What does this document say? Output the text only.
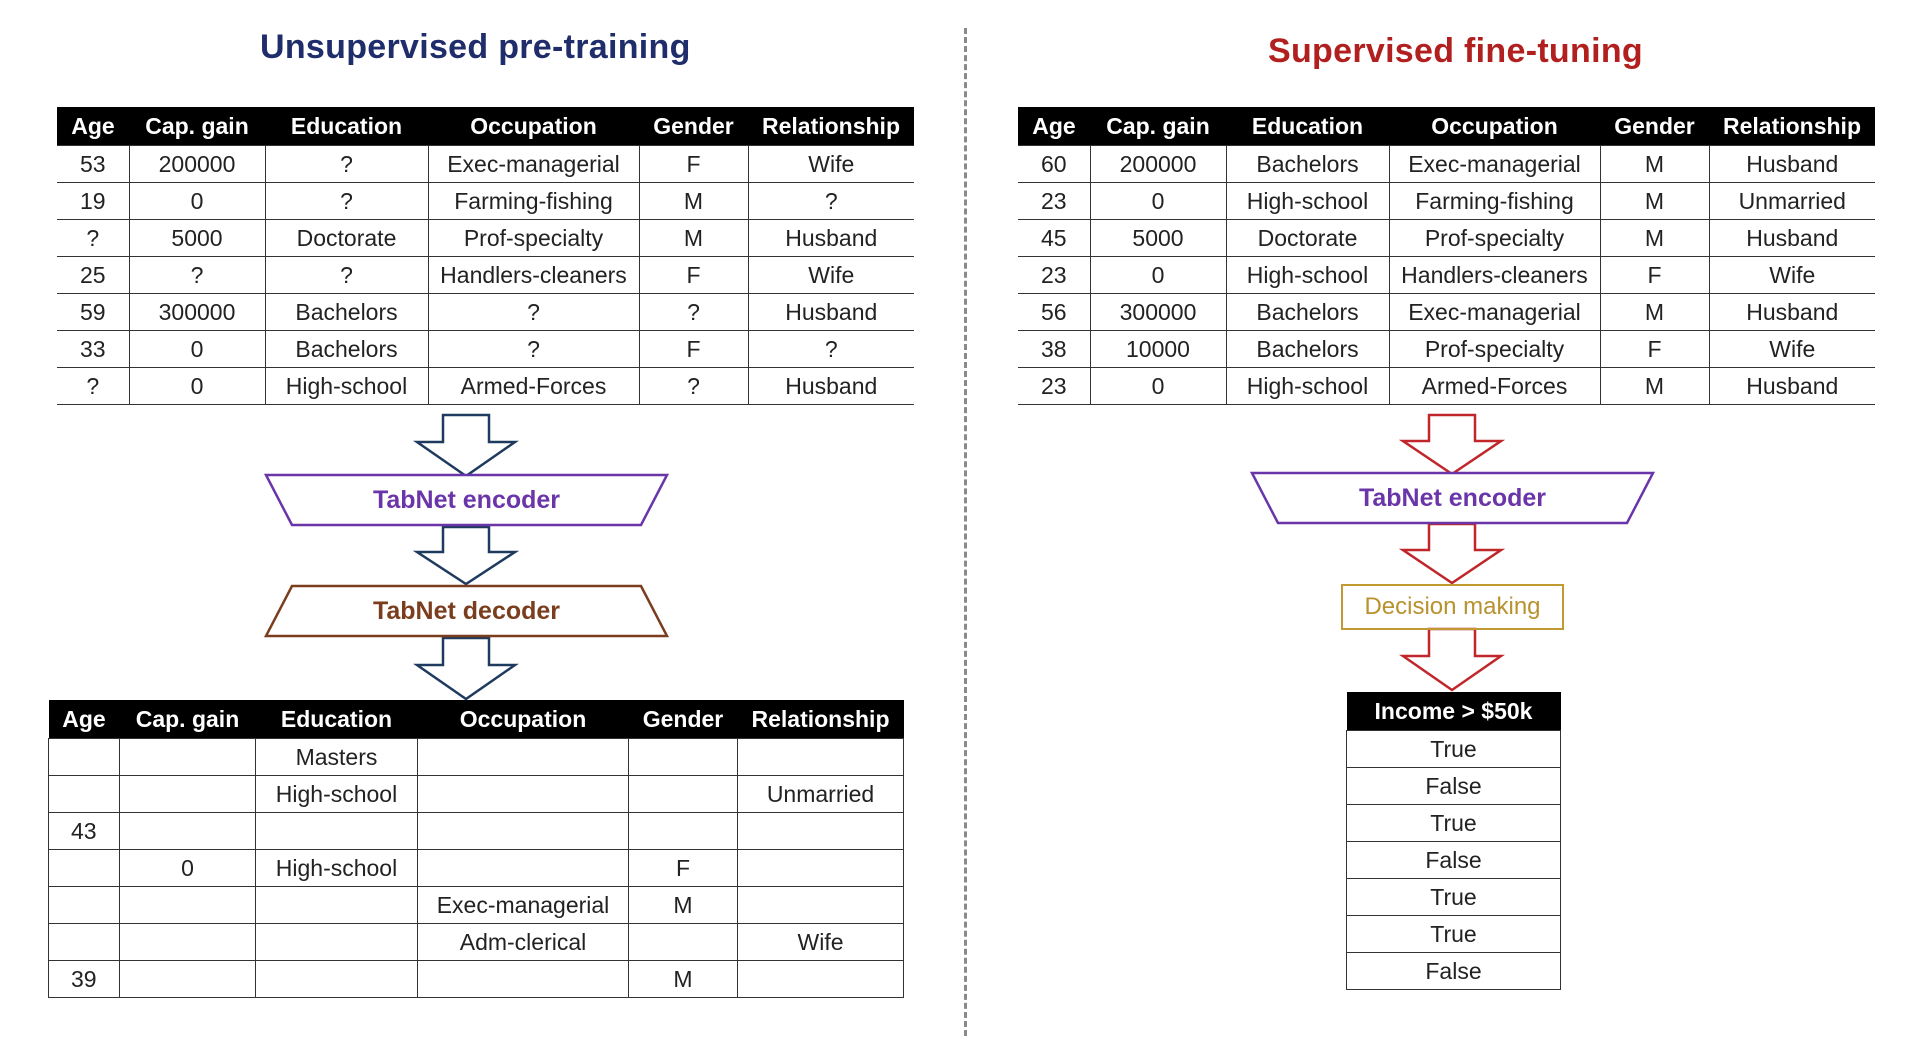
Unsupervised pre-training	Supervised fine-tuning
Age	Cap. gain	Education	Occupation	Gender	Relationship
53	200000	?	Exec-managerial	F	Wife
19	0	?	Farming-fishing	M	?
?	5000	Doctorate	Prof-specialty	M	Husband
25	?	?	Handlers-cleaners	F	Wife
59	300000	Bachelors	?	?	Husband
33	0	Bachelors	?	F	?
?	0	High-school	Armed-Forces	?	Husband
Age	Cap. gain	Education	Occupation	Gender	Relationship
60	200000	Bachelors	Exec-managerial	M	Husband
23	0	High-school	Farming-fishing	M	Unmarried
45	5000	Doctorate	Prof-specialty	M	Husband
23	0	High-school	Handlers-cleaners	F	Wife
56	300000	Bachelors	Exec-managerial	M	Husband
38	10000	Bachelors	Prof-specialty	F	Wife
23	0	High-school	Armed-Forces	M	Husband
Age	Cap. gain	Education	Occupation	Gender	Relationship
		Masters			
		High-school			Unmarried
43					
	0	High-school		F	
			Exec-managerial	M	
			Adm-clerical		Wife
39				M	
Income > $50k
True
False
True
False
True
True
False
TabNet encoder
TabNet decoder
TabNet encoder
Decision making
